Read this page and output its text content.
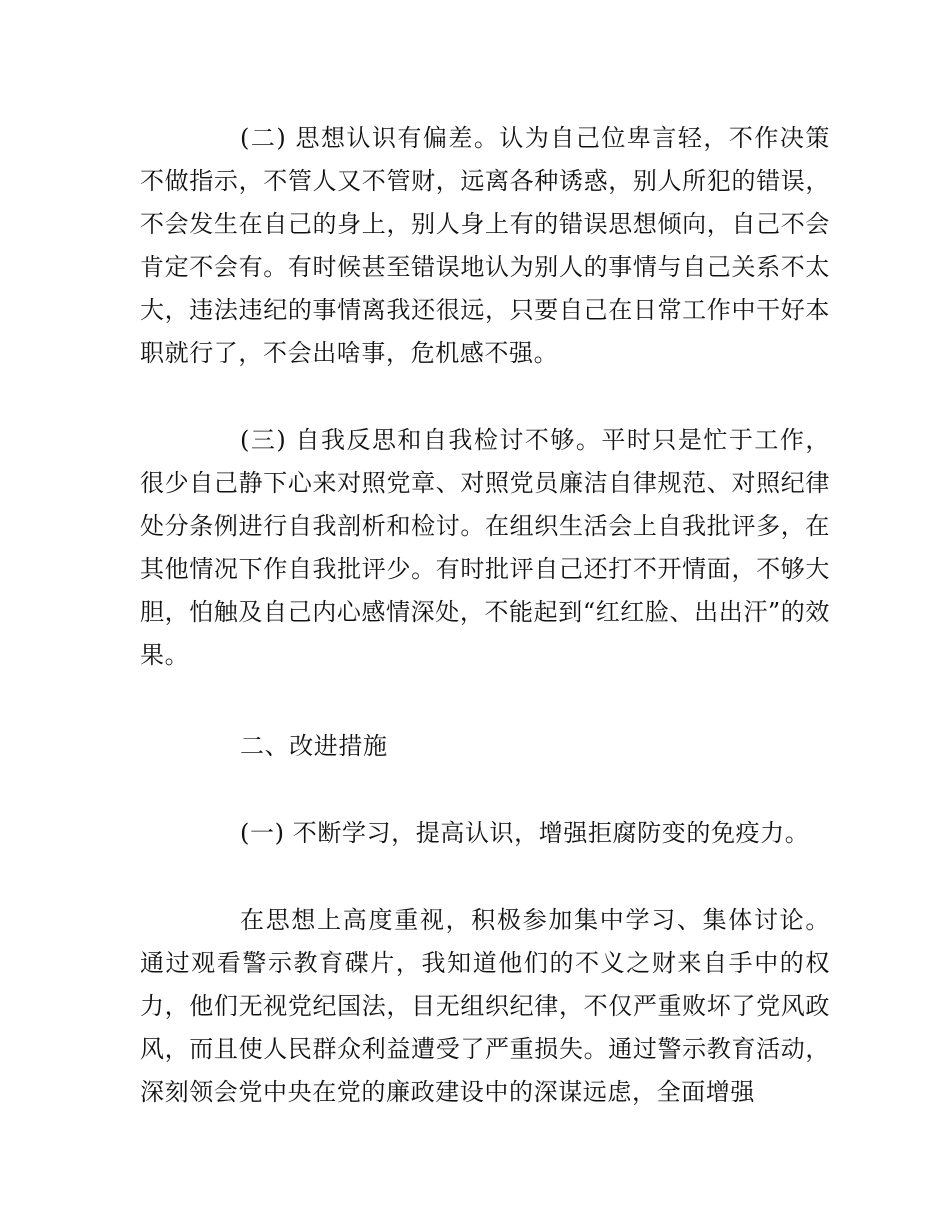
(二) 思想认识有偏差。认为自己位卑言轻，不作决策不做指示，不管人又不管财，远离各种诱惑，别人所犯的错误，不会发生在自己的身上，别人身上有的错误思想倾向，自己不会肯定不会有。有时候甚至错误地认为别人的事情与自己关系不太大，违法违纪的事情离我还很远，只要自己在日常工作中干好本职就行了，不会出啥事，危机感不强。

(三) 自我反思和自我检讨不够。平时只是忙于工作，很少自己静下心来对照党章、对照党员廉洁自律规范、对照纪律处分条例进行自我剖析和检讨。在组织生活会上自我批评多，在其他情况下作自我批评少。有时批评自己还打不开情面，不够大胆，怕触及自己内心感情深处，不能起到“红红脸、出出汗”的效果。

二、改进措施

(一) 不断学习，提高认识，增强拒腐防变的免疫力。

在思想上高度重视，积极参加集中学习、集体讨论。通过观看警示教育碟片，我知道他们的不义之财来自手中的权力，他们无视党纪国法，目无组织纪律，不仅严重败坏了党风政风，而且使人民群众利益遭受了严重损失。通过警示教育活动，深刻领会党中央在党的廉政建设中的深谋远虑，全面增强
